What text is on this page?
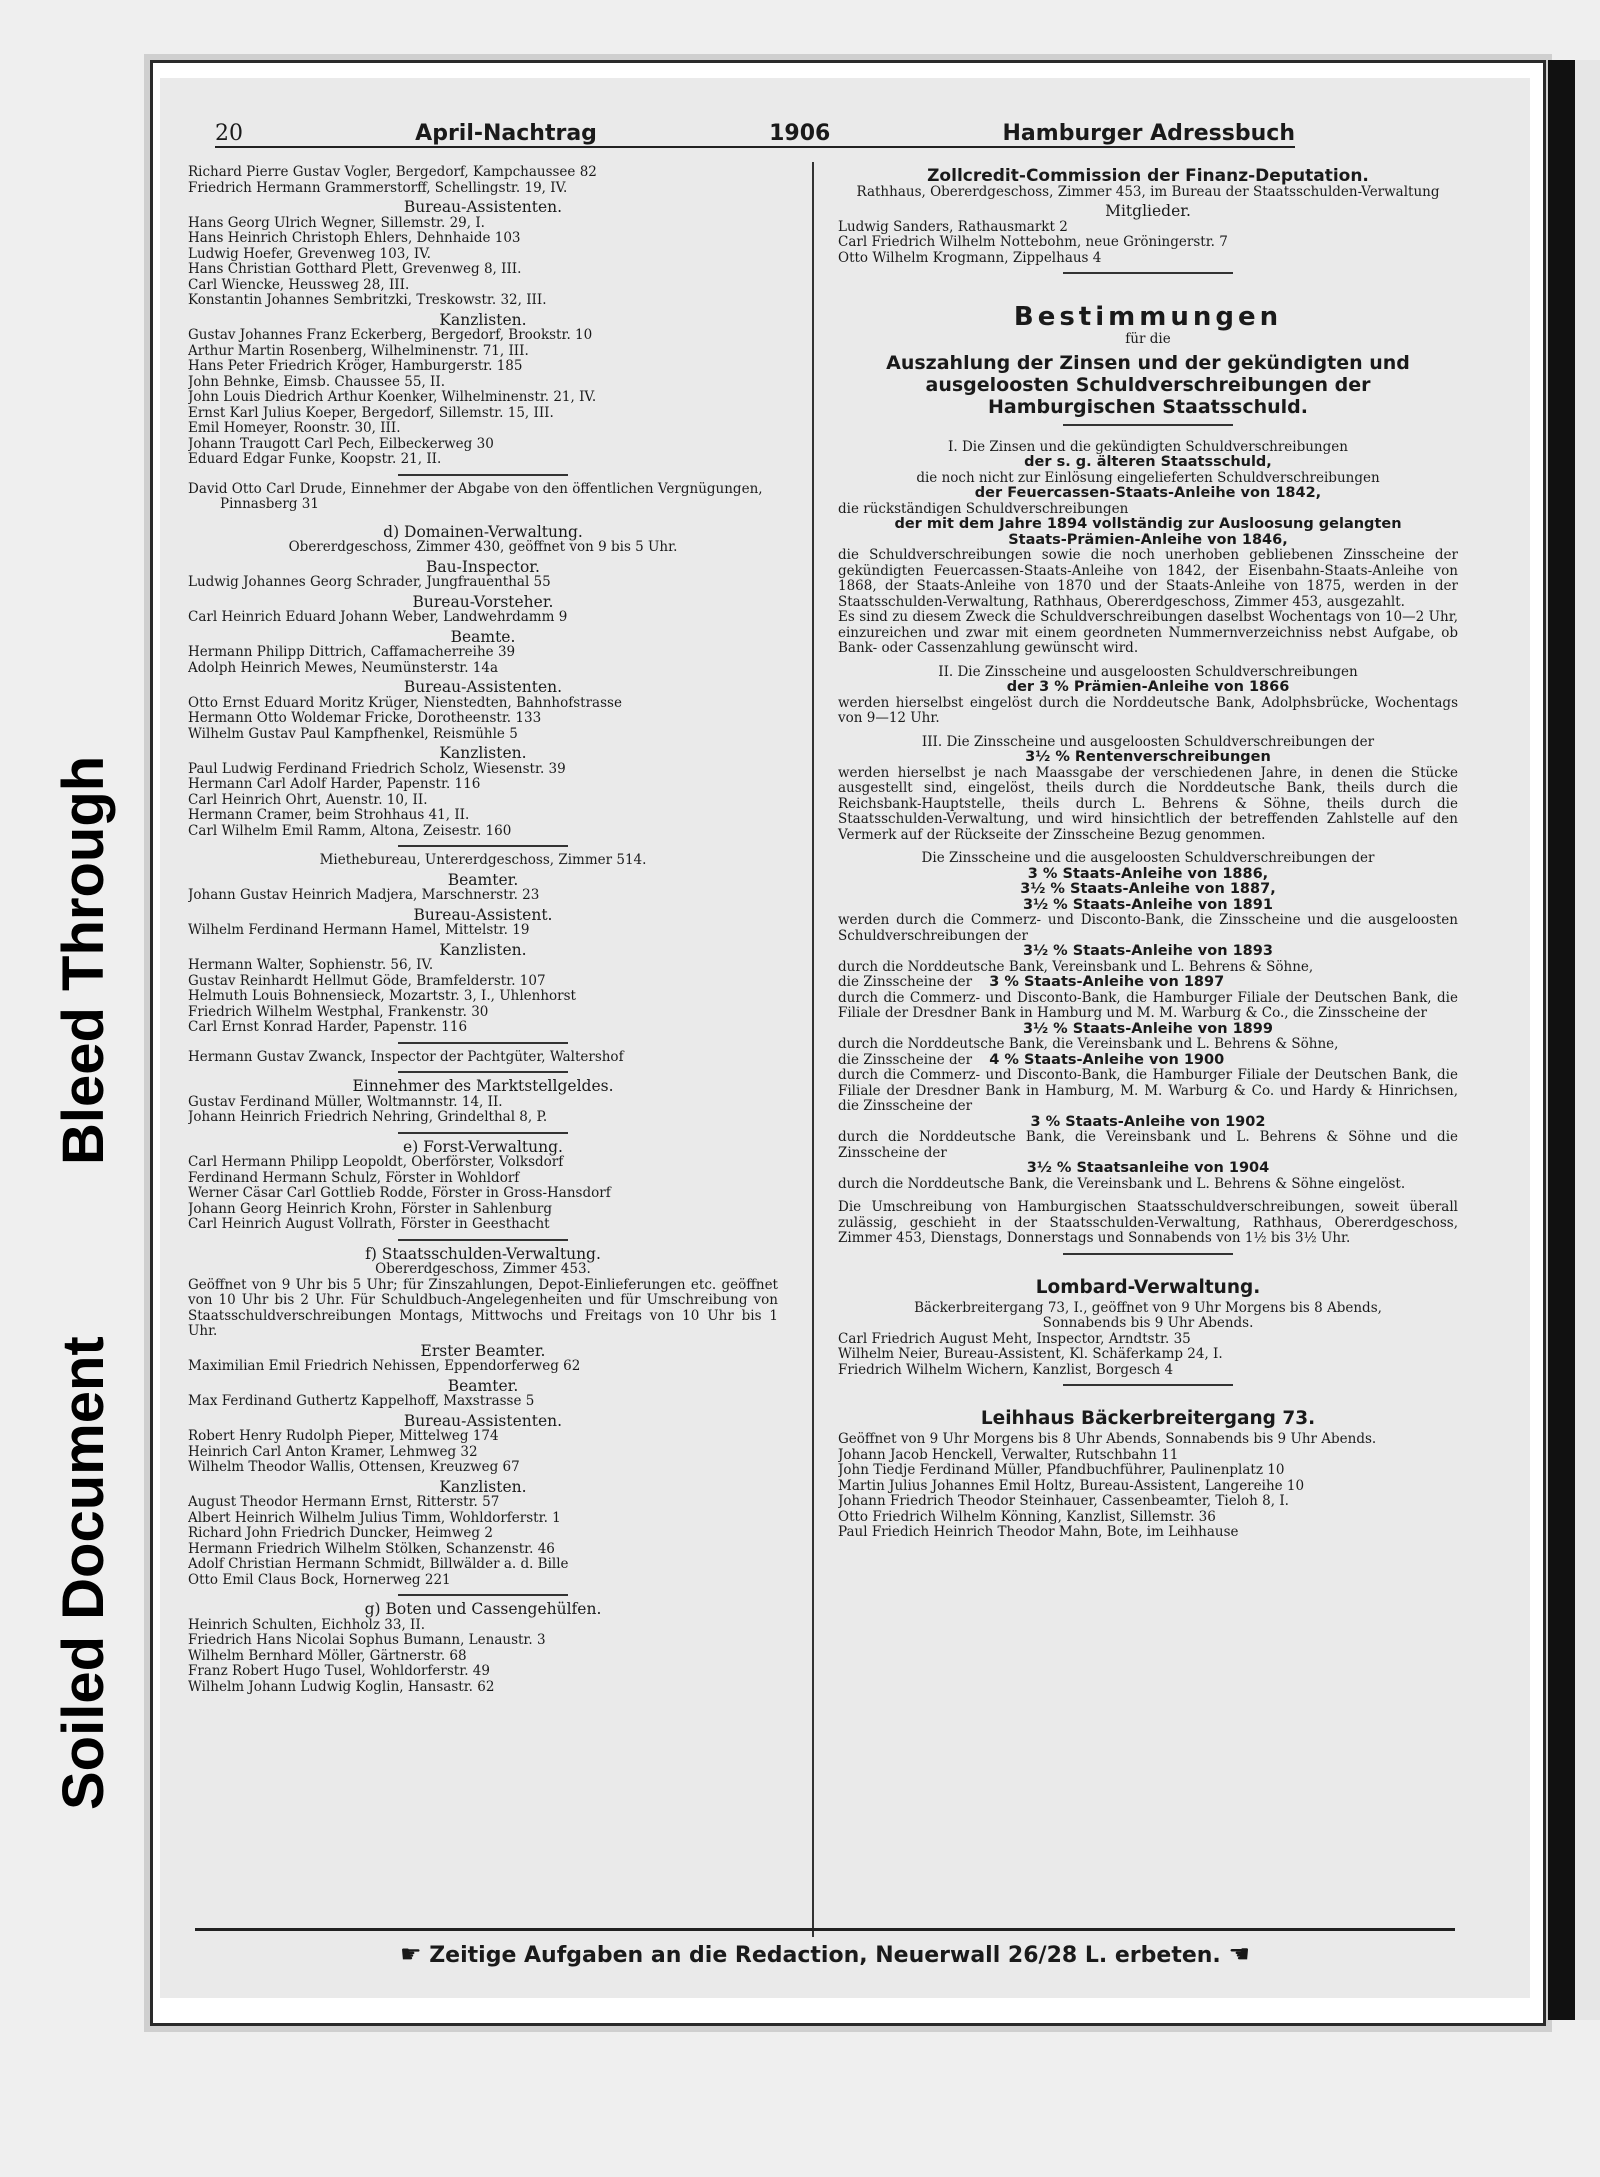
Bleed Through
Soiled Document
20	April-Nachtrag	1906	Hamburger Adressbuch
Richard Pierre Gustav Vogler, Bergedorf, Kampchaussee 82
Friedrich Hermann Grammerstorff, Schellingstr. 19, IV.
Bureau-Assistenten.
Hans Georg Ulrich Wegner, Sillemstr. 29, I.
Hans Heinrich Christoph Ehlers, Dehnhaide 103
Ludwig Hoefer, Grevenweg 103, IV.
Hans Christian Gotthard Plett, Grevenweg 8, III.
Carl Wiencke, Heussweg 28, III.
Konstantin Johannes Sembritzki, Treskowstr. 32, III.
Kanzlisten.
Gustav Johannes Franz Eckerberg, Bergedorf, Brookstr. 10
Arthur Martin Rosenberg, Wilhelminenstr. 71, III.
Hans Peter Friedrich Kröger, Hamburgerstr. 185
John Behnke, Eimsb. Chaussee 55, II.
John Louis Diedrich Arthur Koenker, Wilhelminenstr. 21, IV.
Ernst Karl Julius Koeper, Bergedorf, Sillemstr. 15, III.
Emil Homeyer, Roonstr. 30, III.
Johann Traugott Carl Pech, Eilbeckerweg 30
Eduard Edgar Funke, Koopstr. 21, II.
David Otto Carl Drude, Einnehmer der Abgabe von den öffentlichen Vergnügungen,
Pinnasberg 31
d) Domainen-Verwaltung.
Obererdgeschoss, Zimmer 430, geöffnet von 9 bis 5 Uhr.
Bau-Inspector.
Ludwig Johannes Georg Schrader, Jungfrauenthal 55
Bureau-Vorsteher.
Carl Heinrich Eduard Johann Weber, Landwehrdamm 9
Beamte.
Hermann Philipp Dittrich, Caffamacherreihe 39
Adolph Heinrich Mewes, Neumünsterstr. 14a
Bureau-Assistenten.
Otto Ernst Eduard Moritz Krüger, Nienstedten, Bahnhofstrasse
Hermann Otto Woldemar Fricke, Dorotheenstr. 133
Wilhelm Gustav Paul Kampfhenkel, Reismühle 5
Kanzlisten.
Paul Ludwig Ferdinand Friedrich Scholz, Wiesenstr. 39
Hermann Carl Adolf Harder, Papenstr. 116
Carl Heinrich Ohrt, Auenstr. 10, II.
Hermann Cramer, beim Strohhaus 41, II.
Carl Wilhelm Emil Ramm, Altona, Zeisestr. 160
Miethebureau, Untererdgeschoss, Zimmer 514.
Beamter.
Johann Gustav Heinrich Madjera, Marschnerstr. 23
Bureau-Assistent.
Wilhelm Ferdinand Hermann Hamel, Mittelstr. 19
Kanzlisten.
Hermann Walter, Sophienstr. 56, IV.
Gustav Reinhardt Hellmut Göde, Bramfelderstr. 107
Helmuth Louis Bohnensieck, Mozartstr. 3, I., Uhlenhorst
Friedrich Wilhelm Westphal, Frankenstr. 30
Carl Ernst Konrad Harder, Papenstr. 116
Hermann Gustav Zwanck, Inspector der Pachtgüter, Waltershof
Einnehmer des Marktstellgeldes.
Gustav Ferdinand Müller, Woltmannstr. 14, II.
Johann Heinrich Friedrich Nehring, Grindelthal 8, P.
e) Forst-Verwaltung.
Carl Hermann Philipp Leopoldt, Oberförster, Volksdorf
Ferdinand Hermann Schulz, Förster in Wohldorf
Werner Cäsar Carl Gottlieb Rodde, Förster in Gross-Hansdorf
Johann Georg Heinrich Krohn, Förster in Sahlenburg
Carl Heinrich August Vollrath, Förster in Geesthacht
f) Staatsschulden-Verwaltung.
Obererdgeschoss, Zimmer 453.
Geöffnet von 9 Uhr bis 5 Uhr; für Zinszahlungen, Depot-Einlieferungen etc. geöffnet von 10 Uhr bis 2 Uhr. Für Schuldbuch-Angelegenheiten und für Umschreibung von Staatsschuldverschreibungen Montags, Mittwochs und Freitags von 10 Uhr bis 1 Uhr.
Erster Beamter.
Maximilian Emil Friedrich Nehissen, Eppendorferweg 62
Beamter.
Max Ferdinand Guthertz Kappelhoff, Maxstrasse 5
Bureau-Assistenten.
Robert Henry Rudolph Pieper, Mittelweg 174
Heinrich Carl Anton Kramer, Lehmweg 32
Wilhelm Theodor Wallis, Ottensen, Kreuzweg 67
Kanzlisten.
August Theodor Hermann Ernst, Ritterstr. 57
Albert Heinrich Wilhelm Julius Timm, Wohldorferstr. 1
Richard John Friedrich Duncker, Heimweg 2
Hermann Friedrich Wilhelm Stölken, Schanzenstr. 46
Adolf Christian Hermann Schmidt, Billwälder a. d. Bille
Otto Emil Claus Bock, Hornerweg 221
g) Boten und Cassengehülfen.
Heinrich Schulten, Eichholz 33, II.
Friedrich Hans Nicolai Sophus Bumann, Lenaustr. 3
Wilhelm Bernhard Möller, Gärtnerstr. 68
Franz Robert Hugo Tusel, Wohldorferstr. 49
Wilhelm Johann Ludwig Koglin, Hansastr. 62
Zollcredit-Commission der Finanz-Deputation.
Rathhaus, Obererdgeschoss, Zimmer 453, im Bureau der Staatsschulden-Verwaltung
Mitglieder.
Ludwig Sanders, Rathausmarkt 2
Carl Friedrich Wilhelm Nottebohm, neue Gröningerstr. 7
Otto Wilhelm Krogmann, Zippelhaus 4
Bestimmungen
für die
Auszahlung der Zinsen und der gekündigten und
ausgeloosten Schuldverschreibungen der
Hamburgischen Staatsschuld.
I. Die Zinsen und die gekündigten Schuldverschreibungen
der s. g. älteren Staatsschuld,
die noch nicht zur Einlösung eingelieferten Schuldverschreibungen
der Feuercassen-Staats-Anleihe von 1842,
die rückständigen Schuldverschreibungen
der mit dem Jahre 1894 vollständig zur Ausloosung gelangten
Staats-Prämien-Anleihe von 1846,
die Schuldverschreibungen sowie die noch unerhoben gebliebenen Zinsscheine der gekündigten Feuercassen-Staats-Anleihe von 1842, der Eisenbahn-Staats-Anleihe von 1868, der Staats-Anleihe von 1870 und der Staats-Anleihe von 1875, werden in der Staatsschulden-Verwaltung, Rathhaus, Obererdgeschoss, Zimmer 453, ausgezahlt.
Es sind zu diesem Zweck die Schuldverschreibungen daselbst Wochentags von 10—2 Uhr, einzureichen und zwar mit einem geordneten Nummernverzeichniss nebst Aufgabe, ob Bank- oder Cassenzahlung gewünscht wird.
II. Die Zinsscheine und ausgeloosten Schuldverschreibungen
der 3 % Prämien-Anleihe von 1866
werden hierselbst eingelöst durch die Norddeutsche Bank, Adolphsbrücke, Wochentags von 9—12 Uhr.
III. Die Zinsscheine und ausgeloosten Schuldverschreibungen der
3½ % Rentenverschreibungen
werden hierselbst je nach Maassgabe der verschiedenen Jahre, in denen die Stücke ausgestellt sind, eingelöst, theils durch die Norddeutsche Bank, theils durch die Reichsbank-Hauptstelle, theils durch L. Behrens & Söhne, theils durch die Staatsschulden-Verwaltung, und wird hinsichtlich der betreffenden Zahlstelle auf den Vermerk auf der Rückseite der Zinsscheine Bezug genommen.
Die Zinsscheine und die ausgeloosten Schuldverschreibungen der
3 % Staats-Anleihe von 1886,
3½ % Staats-Anleihe von 1887,
3½ % Staats-Anleihe von 1891
werden durch die Commerz- und Disconto-Bank, die Zinsscheine und die ausgeloosten Schuldverschreibungen der
3½ % Staats-Anleihe von 1893
durch die Norddeutsche Bank, Vereinsbank und L. Behrens & Söhne,
die Zinsscheine der 3 % Staats-Anleihe von 1897
durch die Commerz- und Disconto-Bank, die Hamburger Filiale der Deutschen Bank, die Filiale der Dresdner Bank in Hamburg und M. M. Warburg & Co., die Zinsscheine der
3½ % Staats-Anleihe von 1899
durch die Norddeutsche Bank, die Vereinsbank und L. Behrens & Söhne,
die Zinsscheine der 4 % Staats-Anleihe von 1900
durch die Commerz- und Disconto-Bank, die Hamburger Filiale der Deutschen Bank, die Filiale der Dresdner Bank in Hamburg, M. M. Warburg & Co. und Hardy & Hinrichsen, die Zinsscheine der
3 % Staats-Anleihe von 1902
durch die Norddeutsche Bank, die Vereinsbank und L. Behrens & Söhne und die Zinsscheine der
3½ % Staatsanleihe von 1904
durch die Norddeutsche Bank, die Vereinsbank und L. Behrens & Söhne eingelöst.
Die Umschreibung von Hamburgischen Staatsschuldverschreibungen, soweit überall zulässig, geschieht in der Staatsschulden-Verwaltung, Rathhaus, Obererdgeschoss, Zimmer 453, Dienstags, Donnerstags und Sonnabends von 1½ bis 3½ Uhr.
Lombard-Verwaltung.
Bäckerbreitergang 73, I., geöffnet von 9 Uhr Morgens bis 8 Abends,
Sonnabends bis 9 Uhr Abends.
Carl Friedrich August Meht, Inspector, Arndtstr. 35
Wilhelm Neier, Bureau-Assistent, Kl. Schäferkamp 24, I.
Friedrich Wilhelm Wichern, Kanzlist, Borgesch 4
Leihhaus Bäckerbreitergang 73.
Geöffnet von 9 Uhr Morgens bis 8 Uhr Abends, Sonnabends bis 9 Uhr Abends.
Johann Jacob Henckell, Verwalter, Rutschbahn 11
John Tiedje Ferdinand Müller, Pfandbuchführer, Paulinenplatz 10
Martin Julius Johannes Emil Holtz, Bureau-Assistent, Langereihe 10
Johann Friedrich Theodor Steinhauer, Cassenbeamter, Tieloh 8, I.
Otto Friedrich Wilhelm Könning, Kanzlist, Sillemstr. 36
Paul Friedich Heinrich Theodor Mahn, Bote, im Leihhause
☛ Zeitige Aufgaben an die Redaction, Neuerwall 26/28 L. erbeten. ☚
